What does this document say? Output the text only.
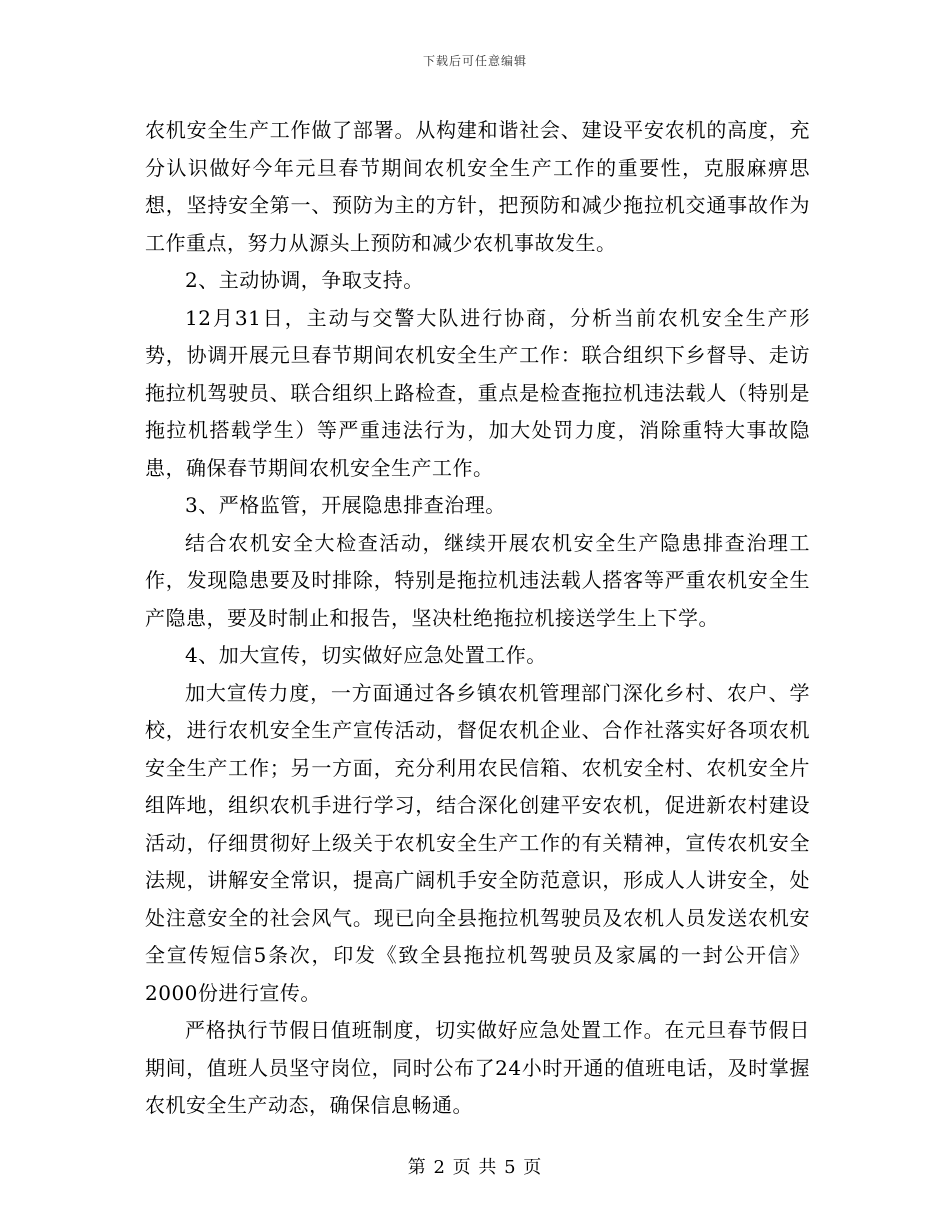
下载后可任意编辑

农机安全生产工作做了部署。从构建和谐社会、建设平安农机的高度，充分认识做好今年元旦春节期间农机安全生产工作的重要性，克服麻痹思想，坚持安全第一、预防为主的方针，把预防和减少拖拉机交通事故作为工作重点，努力从源头上预防和减少农机事故发生。

2、主动协调，争取支持。

12月31日，主动与交警大队进行协商，分析当前农机安全生产形势，协调开展元旦春节期间农机安全生产工作：联合组织下乡督导、走访拖拉机驾驶员、联合组织上路检查，重点是检查拖拉机违法载人（特别是拖拉机搭载学生）等严重违法行为，加大处罚力度，消除重特大事故隐患，确保春节期间农机安全生产工作。

3、严格监管，开展隐患排查治理。

结合农机安全大检查活动，继续开展农机安全生产隐患排查治理工作，发现隐患要及时排除，特别是拖拉机违法载人搭客等严重农机安全生产隐患，要及时制止和报告，坚决杜绝拖拉机接送学生上下学。

4、加大宣传，切实做好应急处置工作。

加大宣传力度，一方面通过各乡镇农机管理部门深化乡村、农户、学校，进行农机安全生产宣传活动，督促农机企业、合作社落实好各项农机安全生产工作；另一方面，充分利用农民信箱、农机安全村、农机安全片组阵地，组织农机手进行学习，结合深化创建平安农机，促进新农村建设活动，仔细贯彻好上级关于农机安全生产工作的有关精神，宣传农机安全法规，讲解安全常识，提高广阔机手安全防范意识，形成人人讲安全，处处注意安全的社会风气。现已向全县拖拉机驾驶员及农机人员发送农机安全宣传短信5条次，印发《致全县拖拉机驾驶员及家属的一封公开信》2000份进行宣传。

严格执行节假日值班制度，切实做好应急处置工作。在元旦春节假日期间，值班人员坚守岗位，同时公布了24小时开通的值班电话，及时掌握农机安全生产动态，确保信息畅通。

第 2 页 共 5 页
